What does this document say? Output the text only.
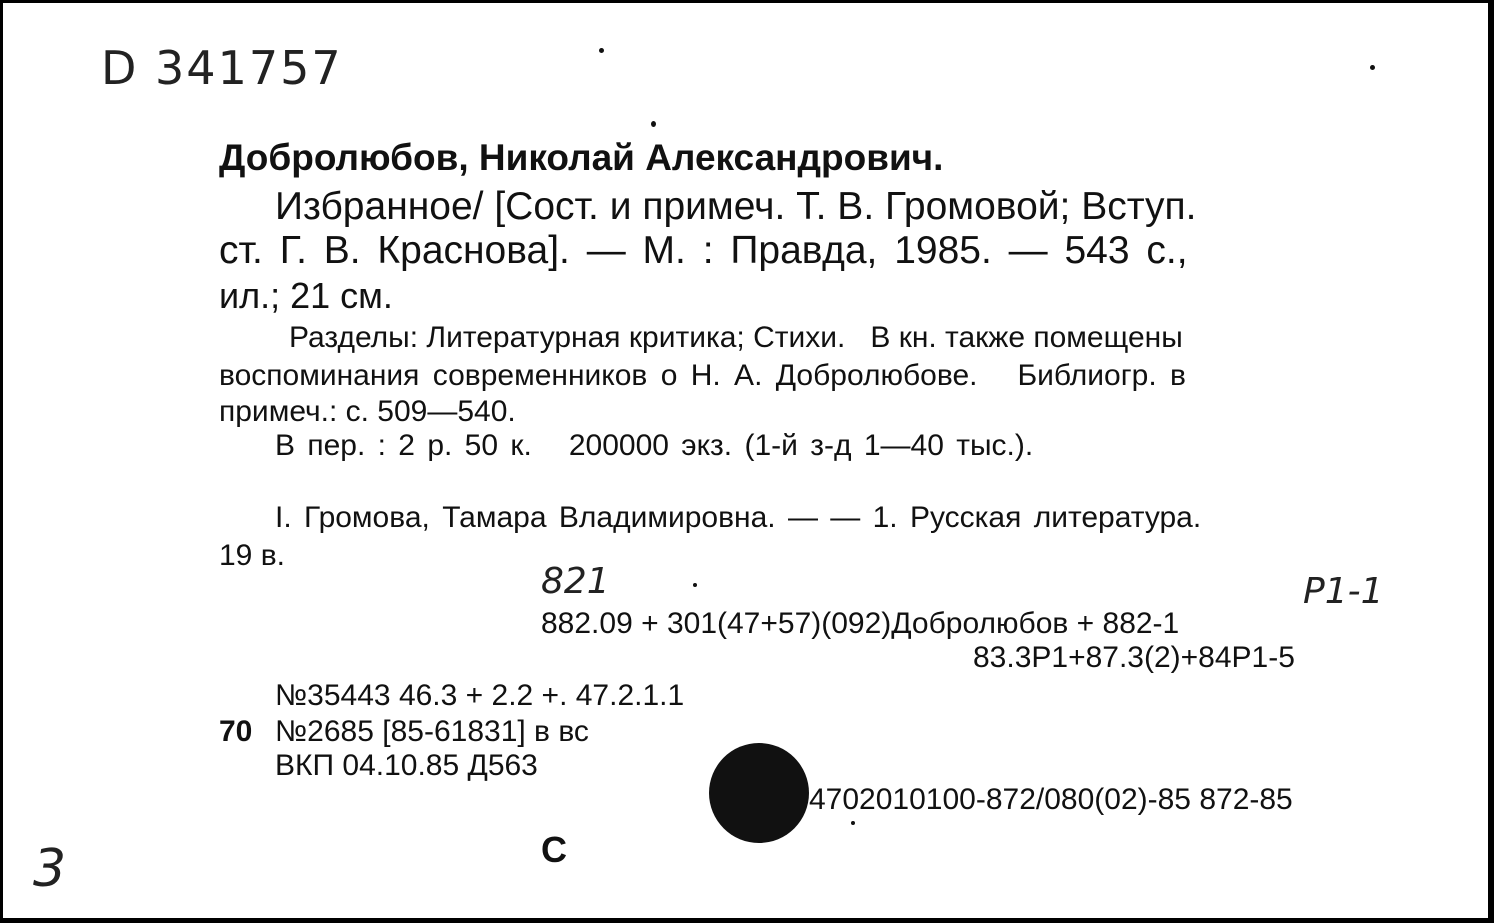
D 341757
Добролюбов, Николай Александрович.
Избранное/ [Сост. и примеч. Т. В. Громовой; Вступ.
ст. Г. В. Краснова]. — М. : Правда, 1985. — 543 с.,
ил.; 21 см.
Разделы: Литературная критика; Стихи.   В кн. также помещены
воспоминания современников о Н. А. Добролюбове.   Библиогр. в
примеч.: с. 509—540.
В пер. : 2 р. 50 к.   200000 экз. (1-й з-д 1—40 тыс.).
I. Громова, Тамара Владимировна. — — 1. Русская литература.
19 в.
821	Р1-1
882.09 + 301(47+57)(092)Добролюбов + 882-1
83.3Р1+87.3(2)+84Р1-5
№35443 46.3 + 2.2 +. 47.2.1.1
70 №2685 [85-61831] в вс
ВКП 04.10.85 Д563
4702010100-872/080(02)-85 872-85
С
3
